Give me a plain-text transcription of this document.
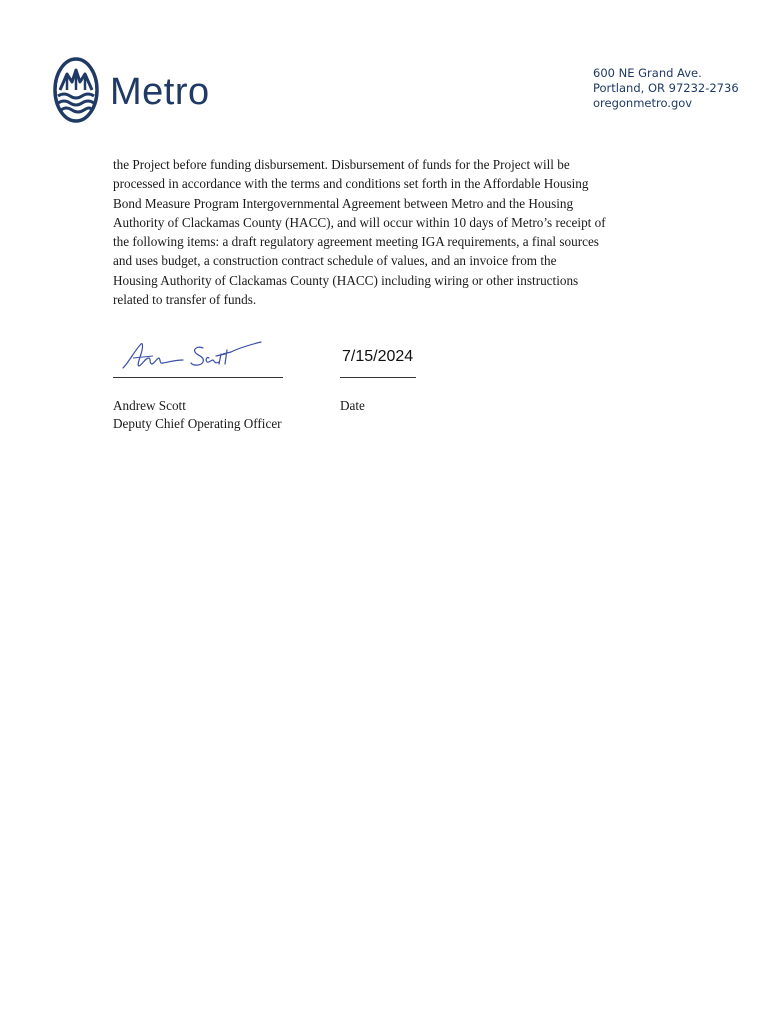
Metro	600 NE Grand Ave.
Portland, OR 97232-2736
oregonmetro.gov

the Project before funding disbursement. Disbursement of funds for the Project will be

processed in accordance with the terms and conditions set forth in the Affordable Housing

Bond Measure Program Intergovernmental Agreement between Metro and the Housing

Authority of Clackamas County (HACC), and will occur within 10 days of Metro’s receipt of

the following items: a draft regulatory agreement meeting IGA requirements, a final sources

and uses budget, a construction contract schedule of values, and an invoice from the

Housing Authority of Clackamas County (HACC) including wiring or other instructions

related to transfer of funds.

7/15/2024
Andrew Scott
Deputy Chief Operating Officer
Date
